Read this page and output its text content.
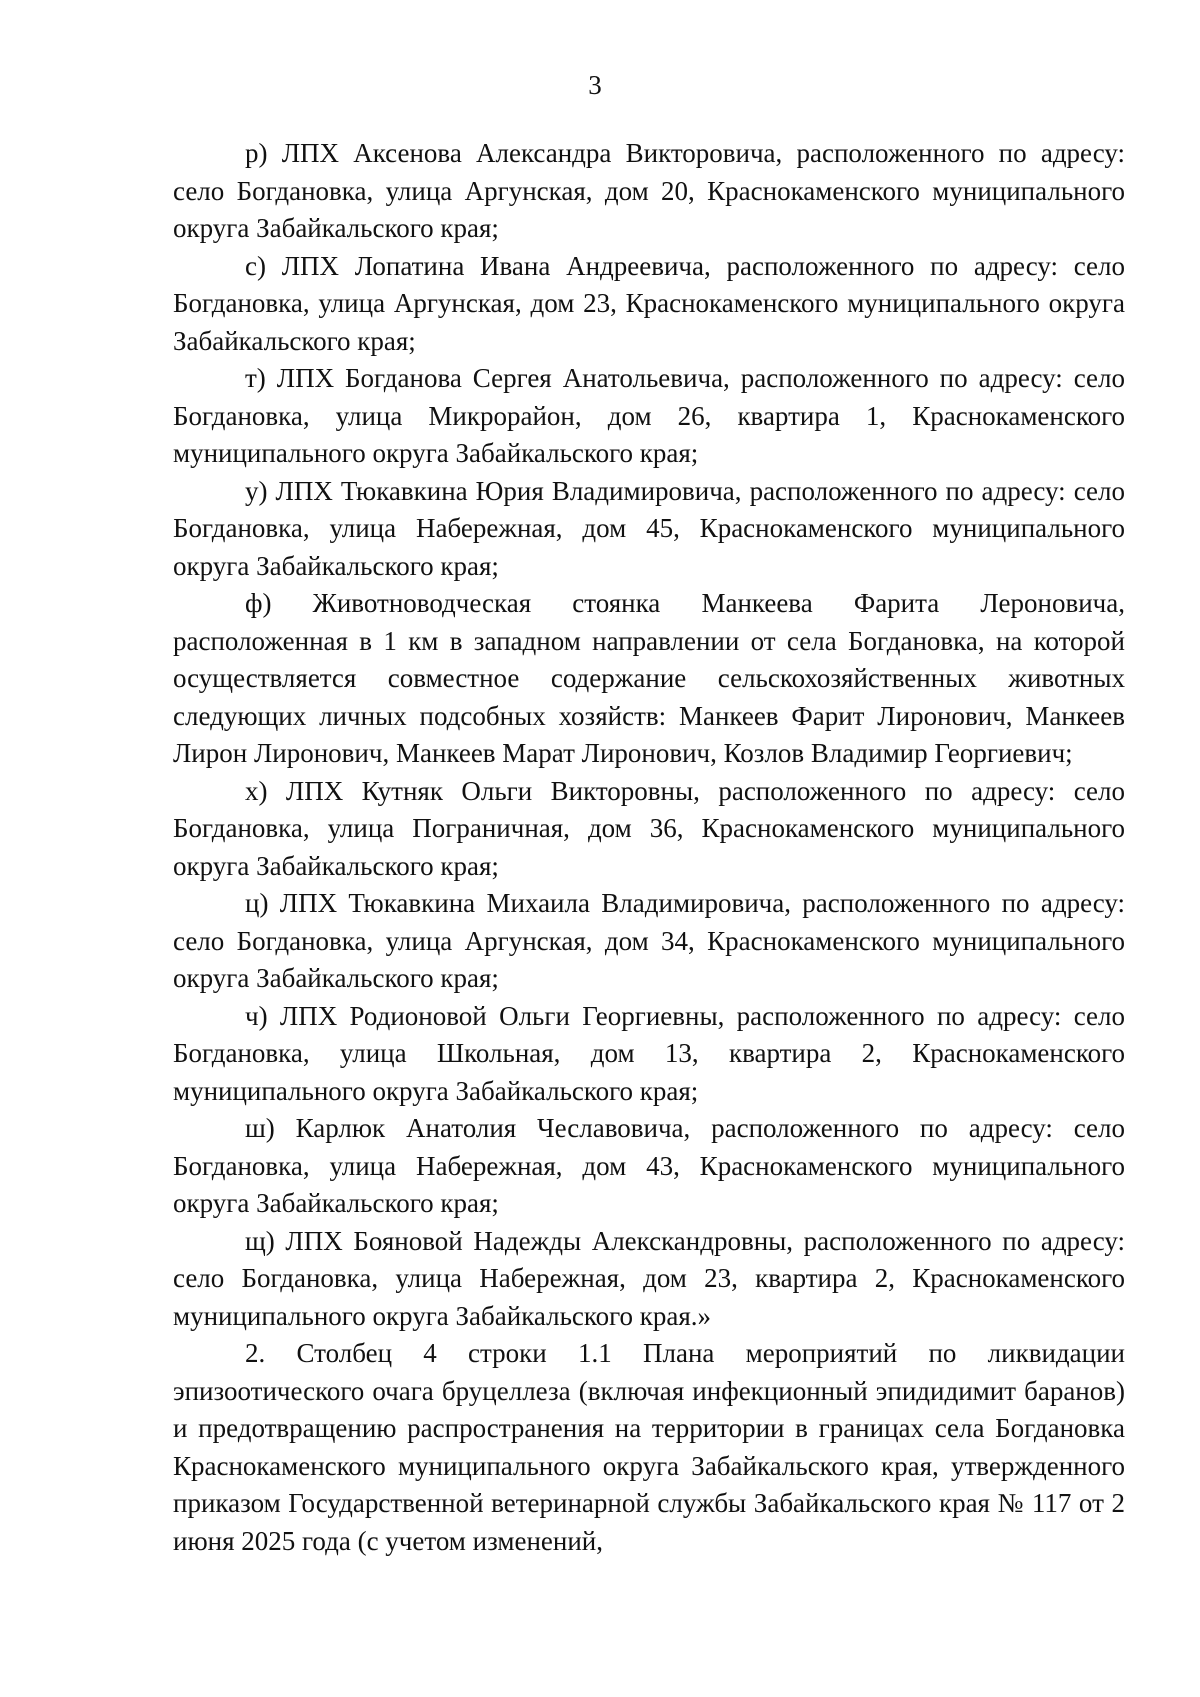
3

р) ЛПХ Аксенова Александра Викторовича, расположенного по адресу: село Богдановка, улица Аргунская, дом 20, Краснокаменского муниципального округа Забайкальского края;

с) ЛПХ Лопатина Ивана Андреевича, расположенного по адресу: село Богдановка, улица Аргунская, дом 23, Краснокаменского муниципального округа Забайкальского края;

т) ЛПХ Богданова Сергея Анатольевича, расположенного по адресу: село Богдановка, улица Микрорайон, дом 26, квартира 1, Краснокаменского муниципального округа Забайкальского края;

у) ЛПХ Тюкавкина Юрия Владимировича, расположенного по адресу: село Богдановка, улица Набережная, дом 45, Краснокаменского муниципального округа Забайкальского края;

ф) Животноводческая стоянка Манкеева Фарита Лероновича, расположенная в 1 км в западном направлении от села Богдановка, на которой осуществляется совместное содержание сельскохозяйственных животных следующих личных подсобных хозяйств: Манкеев Фарит Лиронович, Манкеев Лирон Лиронович, Манкеев Марат Лиронович, Козлов Владимир Георгиевич;

х) ЛПХ Кутняк Ольги Викторовны, расположенного по адресу: село Богдановка, улица Пограничная, дом 36, Краснокаменского муниципального округа Забайкальского края;

ц) ЛПХ Тюкавкина Михаила Владимировича, расположенного по адресу: село Богдановка, улица Аргунская, дом 34, Краснокаменского муниципального округа Забайкальского края;

ч) ЛПХ Родионовой Ольги Георгиевны, расположенного по адресу: село Богдановка, улица Школьная, дом 13, квартира 2, Краснокаменского муниципального округа Забайкальского края;

ш) Карлюк Анатолия Чеславовича, расположенного по адресу: село Богдановка, улица Набережная, дом 43, Краснокаменского муниципального округа Забайкальского края;

щ) ЛПХ Бояновой Надежды Алекскандровны, расположенного по адресу: село Богдановка, улица Набережная, дом 23, квартира 2, Краснокаменского муниципального округа Забайкальского края.»

2. Столбец 4 строки 1.1 Плана мероприятий по ликвидации эпизоотического очага бруцеллеза (включая инфекционный эпидидимит баранов) и предотвращению распространения на территории в границах села Богдановка Краснокаменского муниципального округа Забайкальского края, утвержденного приказом Государственной ветеринарной службы Забайкальского края № 117 от 2 июня 2025 года (с учетом изменений,
